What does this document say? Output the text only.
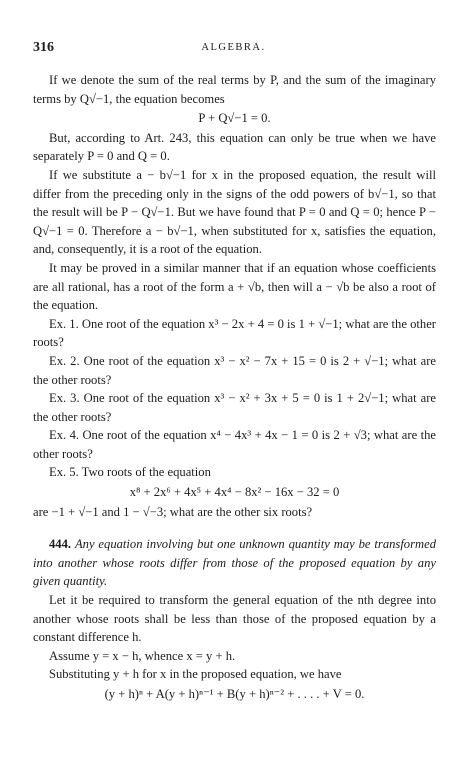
316	ALGEBRA.

If we denote the sum of the real terms by P, and the sum of the imaginary terms by Q√−1, the equation becomes

P + Q√−1 = 0.

But, according to Art. 243, this equation can only be true when we have separately P = 0 and Q = 0.

If we substitute a − b√−1 for x in the proposed equation, the result will differ from the preceding only in the signs of the odd powers of b√−1, so that the result will be P − Q√−1. But we have found that P = 0 and Q = 0; hence P − Q√−1 = 0. Therefore a − b√−1, when substituted for x, satisfies the equation, and, consequently, it is a root of the equation.

It may be proved in a similar manner that if an equation whose coefficients are all rational, has a root of the form a + √b, then will a − √b be also a root of the equation.

Ex. 1. One root of the equation x³ − 2x + 4 = 0 is 1 + √−1; what are the other roots?

Ex. 2. One root of the equation x³ − x² − 7x + 15 = 0 is 2 + √−1; what are the other roots?

Ex. 3. One root of the equation x³ − x² + 3x + 5 = 0 is 1 + 2√−1; what are the other roots?

Ex. 4. One root of the equation x⁴ − 4x³ + 4x − 1 = 0 is 2 + √3; what are the other roots?

Ex. 5. Two roots of the equation

x⁸ + 2x⁶ + 4x⁵ + 4x⁴ − 8x² − 16x − 32 = 0

are −1 + √−1 and 1 − √−3; what are the other six roots?

444. Any equation involving but one unknown quantity may be transformed into another whose roots differ from those of the proposed equation by any given quantity.

Let it be required to transform the general equation of the nth degree into another whose roots shall be less than those of the proposed equation by a constant difference h.

Assume y = x − h, whence x = y + h.

Substituting y + h for x in the proposed equation, we have

(y + h)ⁿ + A(y + h)ⁿ⁻¹ + B(y + h)ⁿ⁻² + . . . . + V = 0.
